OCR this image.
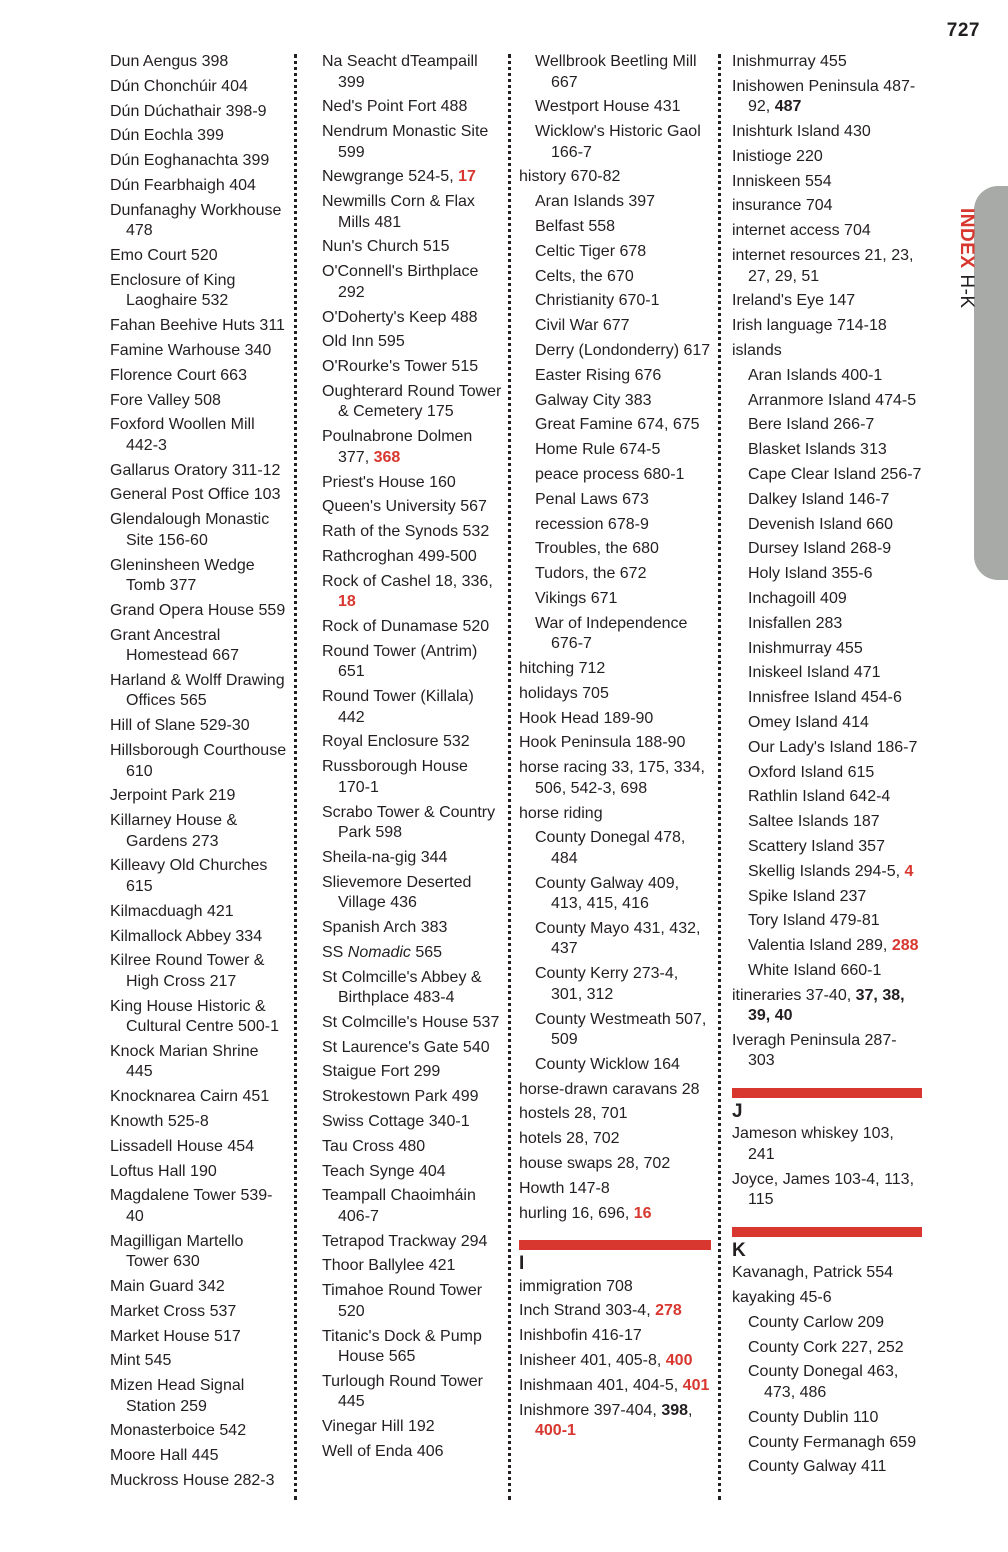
727
INDEX H-K
Dun Aengus 398
Dún Chonchúir 404
Dún Dúchathair 398-9
Dún Eochla 399
Dún Eoghanachta 399
Dún Fearbhaigh 404
Dunfanaghy Workhouse 478
Emo Court 520
Enclosure of King Laoghaire 532
Fahan Beehive Huts 311
Famine Warhouse 340
Florence Court 663
Fore Valley 508
Foxford Woollen Mill 442-3
Gallarus Oratory 311-12
General Post Office 103
Glendalough Monastic Site 156-60
Gleninsheen Wedge Tomb 377
Grand Opera House 559
Grant Ancestral Homestead 667
Harland & Wolff Drawing Offices 565
Hill of Slane 529-30
Hillsborough Courthouse 610
Jerpoint Park 219
Killarney House & Gardens 273
Killeavy Old Churches 615
Kilmacduagh 421
Kilmallock Abbey 334
Kilree Round Tower & High Cross 217
King House Historic & Cultural Centre 500-1
Knock Marian Shrine 445
Knocknarea Cairn 451
Knowth 525-8
Lissadell House 454
Loftus Hall 190
Magdalene Tower 539-40
Magilligan Martello Tower 630
Main Guard 342
Market Cross 537
Market House 517
Mint 545
Mizen Head Signal Station 259
Monasterboice 542
Moore Hall 445
Muckross House 282-3
Na Seacht dTeampaill 399
Ned's Point Fort 488
Nendrum Monastic Site 599
Newgrange 524-5, 17
Newmills Corn & Flax Mills 481
Nun's Church 515
O'Connell's Birthplace 292
O'Doherty's Keep 488
Old Inn 595
O'Rourke's Tower 515
Oughterard Round Tower & Cemetery 175
Poulnabrone Dolmen 377, 368
Priest's House 160
Queen's University 567
Rath of the Synods 532
Rathcroghan 499-500
Rock of Cashel 18, 336, 18
Rock of Dunamase 520
Round Tower (Antrim) 651
Round Tower (Killala) 442
Royal Enclosure 532
Russborough House 170-1
Scrabo Tower & Country Park 598
Sheila-na-gig 344
Slievemore Deserted Village 436
Spanish Arch 383
SS Nomadic 565
St Colmcille's Abbey & Birthplace 483-4
St Colmcille's House 537
St Laurence's Gate 540
Staigue Fort 299
Strokestown Park 499
Swiss Cottage 340-1
Tau Cross 480
Teach Synge 404
Teampall Chaoimháin 406-7
Tetrapod Trackway 294
Thoor Ballylee 421
Timahoe Round Tower 520
Titanic's Dock & Pump House 565
Turlough Round Tower 445
Vinegar Hill 192
Well of Enda 406
Wellbrook Beetling Mill 667
Westport House 431
Wicklow's Historic Gaol 166-7
history 670-82
Aran Islands 397
Belfast 558
Celtic Tiger 678
Celts, the 670
Christianity 670-1
Civil War 677
Derry (Londonderry) 617
Easter Rising 676
Galway City 383
Great Famine 674, 675
Home Rule 674-5
peace process 680-1
Penal Laws 673
recession 678-9
Troubles, the 680
Tudors, the 672
Vikings 671
War of Independence 676-7
hitching 712
holidays 705
Hook Head 189-90
Hook Peninsula 188-90
horse racing 33, 175, 334, 506, 542-3, 698
horse riding
County Donegal 478, 484
County Galway 409, 413, 415, 416
County Mayo 431, 432, 437
County Kerry 273-4, 301, 312
County Westmeath 507, 509
County Wicklow 164
horse-drawn caravans 28
hostels 28, 701
hotels 28, 702
house swaps 28, 702
Howth 147-8
hurling 16, 696, 16
I
immigration 708
Inch Strand 303-4, 278
Inishbofin 416-17
Inisheer 401, 405-8, 400
Inishmaan 401, 404-5, 401
Inishmore 397-404, 398, 400-1
Inishmurray 455
Inishowen Peninsula 487-92, 487
Inishturk Island 430
Inistioge 220
Inniskeen 554
insurance 704
internet access 704
internet resources 21, 23, 27, 29, 51
Ireland's Eye 147
Irish language 714-18
islands
Aran Islands 400-1
Arranmore Island 474-5
Bere Island 266-7
Blasket Islands 313
Cape Clear Island 256-7
Dalkey Island 146-7
Devenish Island 660
Dursey Island 268-9
Holy Island 355-6
Inchagoill 409
Inisfallen 283
Inishmurray 455
Iniskeel Island 471
Innisfree Island 454-6
Omey Island 414
Our Lady's Island 186-7
Oxford Island 615
Rathlin Island 642-4
Saltee Islands 187
Scattery Island 357
Skellig Islands 294-5, 4
Spike Island 237
Tory Island 479-81
Valentia Island 289, 288
White Island 660-1
itineraries 37-40, 37, 38, 39, 40
Iveragh Peninsula 287-303
J
Jameson whiskey 103, 241
Joyce, James 103-4, 113, 115
K
Kavanagh, Patrick 554
kayaking 45-6
County Carlow 209
County Cork 227, 252
County Donegal 463, 473, 486
County Dublin 110
County Fermanagh 659
County Galway 411
